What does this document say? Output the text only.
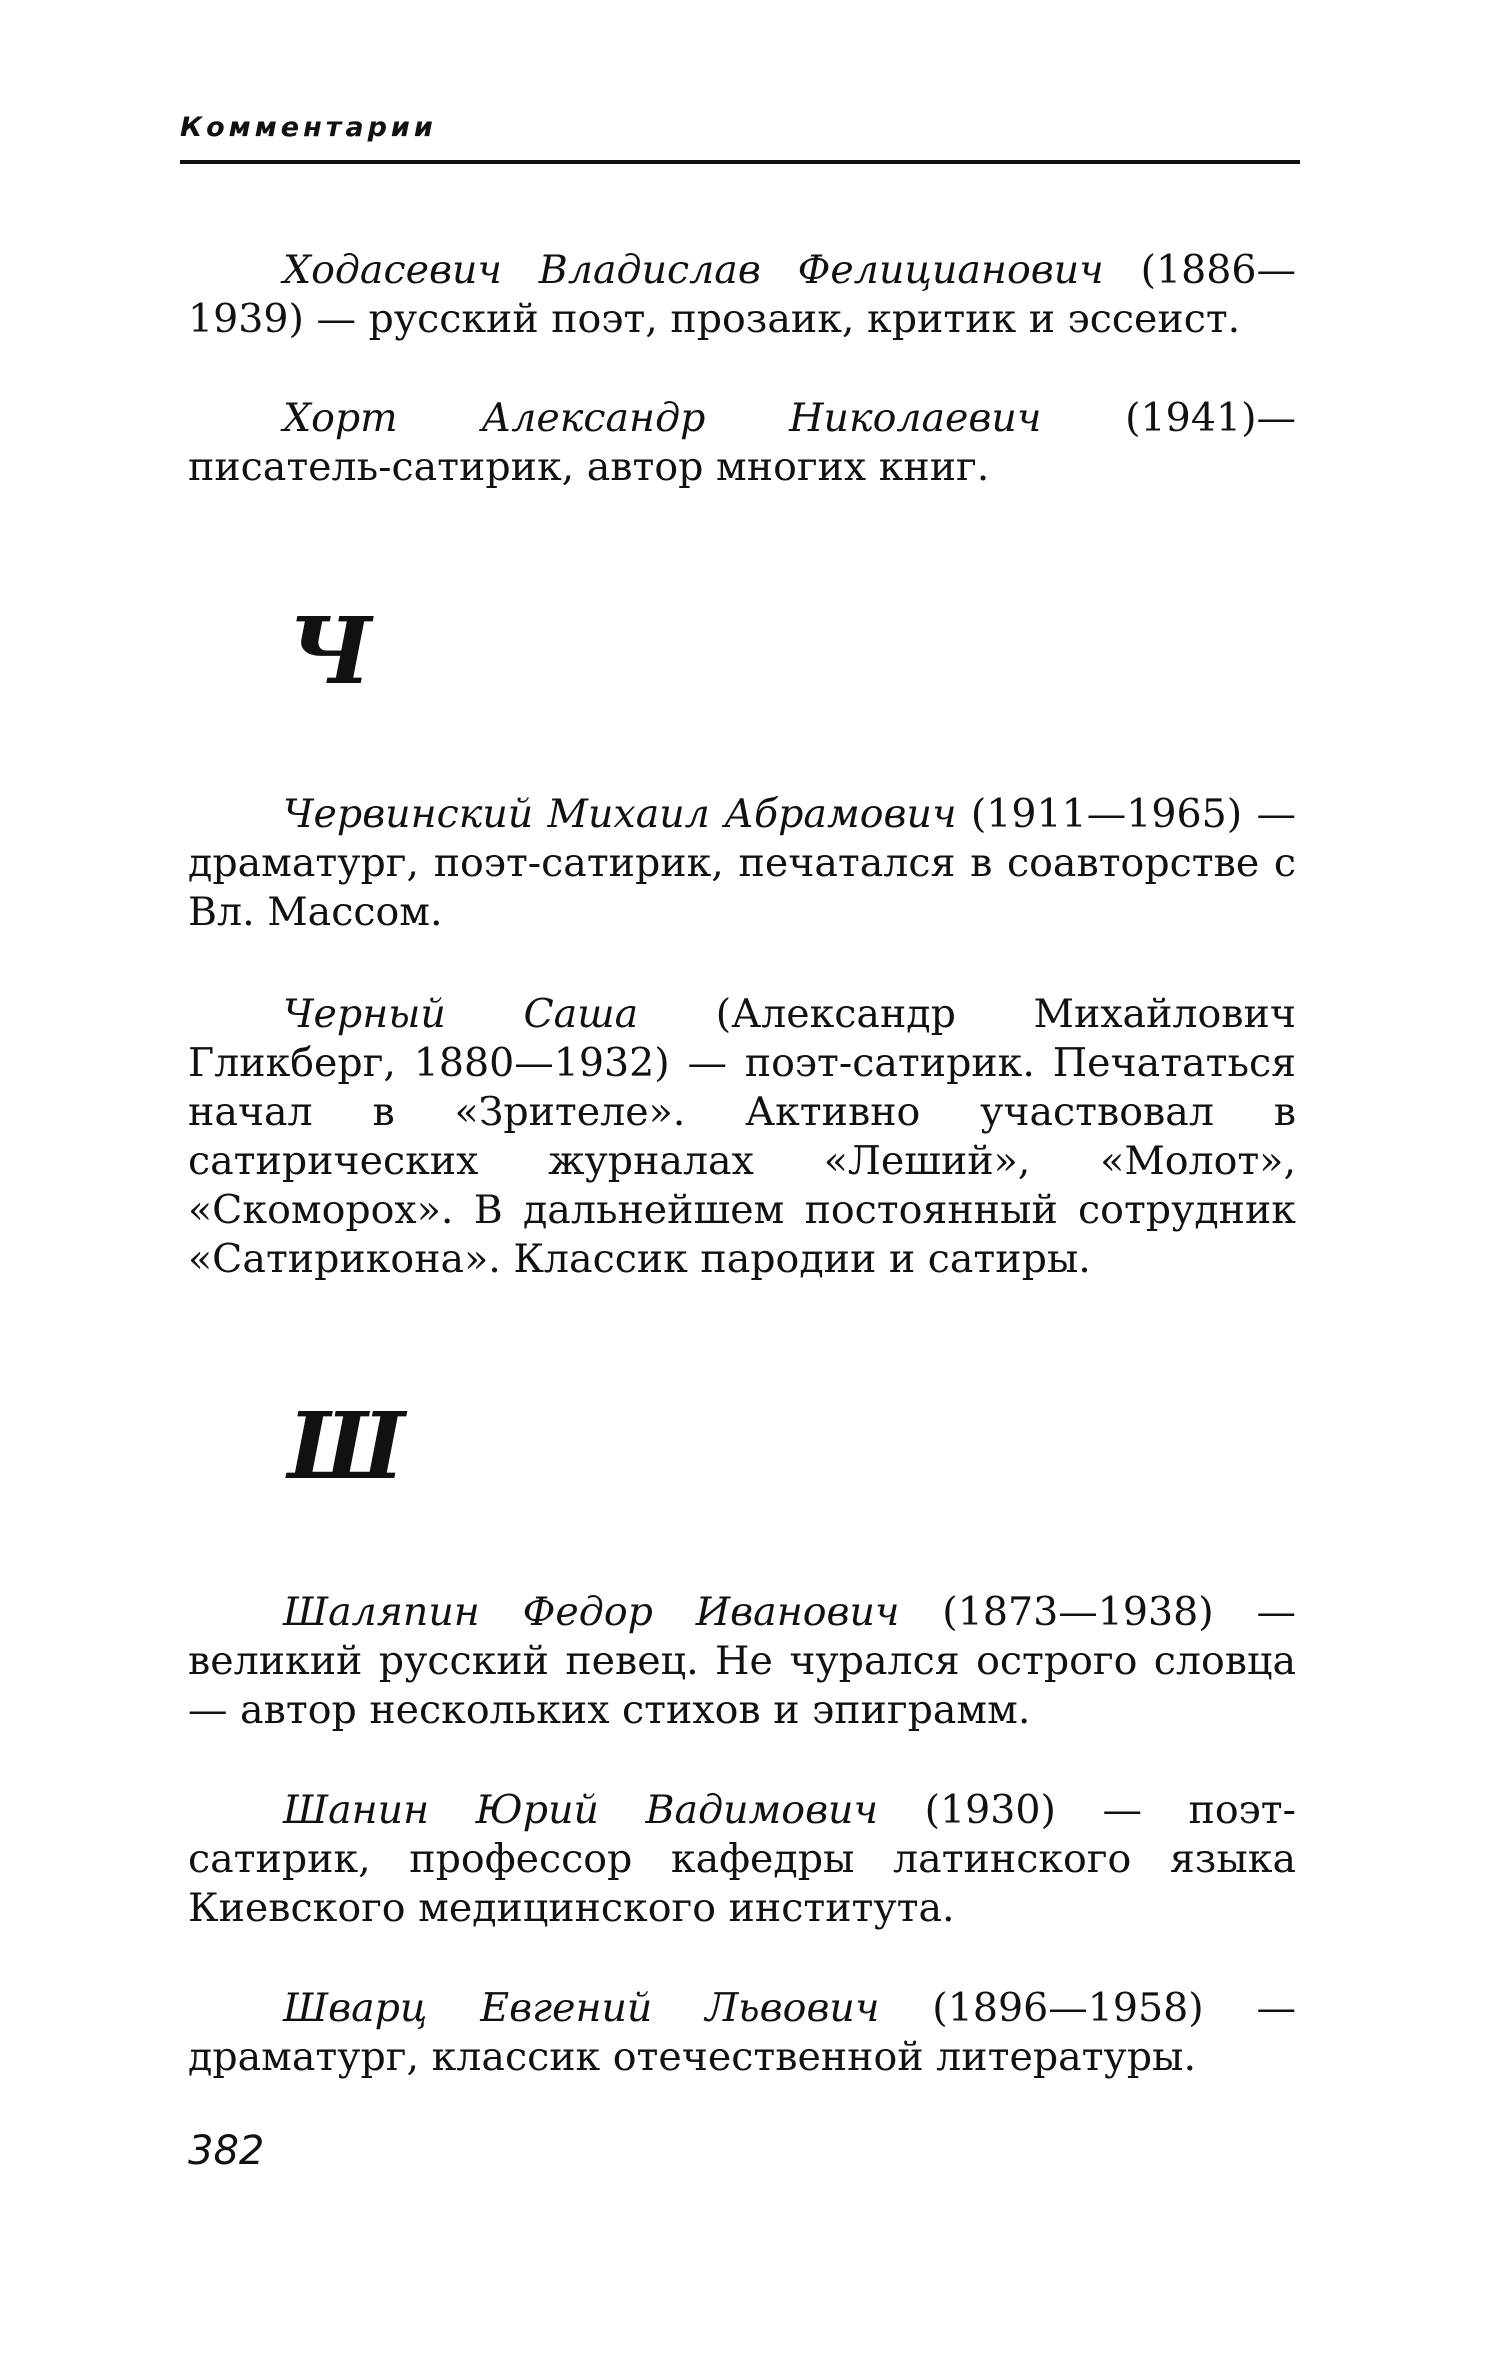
Комментарии

Ходасевич Владислав Фелицианович (1886—1939) — русский поэт, прозаик, критик и эссеист.

Хорт Александр Николаевич (1941)— писатель-сатирик, автор многих книг.

Ч

Червинский Михаил Абрамович (1911—1965) — драматург, поэт-сатирик, печатался в соавторстве с Вл. Массом.

Черный Саша (Александр Михайлович Гликберг, 1880—1932) — поэт-сатирик. Печататься начал в «Зрителе». Активно участвовал в сатирических журналах «Леший», «Молот», «Скоморох». В дальнейшем постоянный сотрудник «Сатирикона». Классик пародии и сатиры.

Ш

Шаляпин Федор Иванович (1873—1938) — великий русский певец. Не чурался острого словца — автор нескольких стихов и эпиграмм.

Шанин Юрий Вадимович (1930) — поэт-сатирик, профессор кафедры латинского языка Киевского медицинского института.

Шварц Евгений Львович (1896—1958) — драматург, классик отечественной литературы.

382
